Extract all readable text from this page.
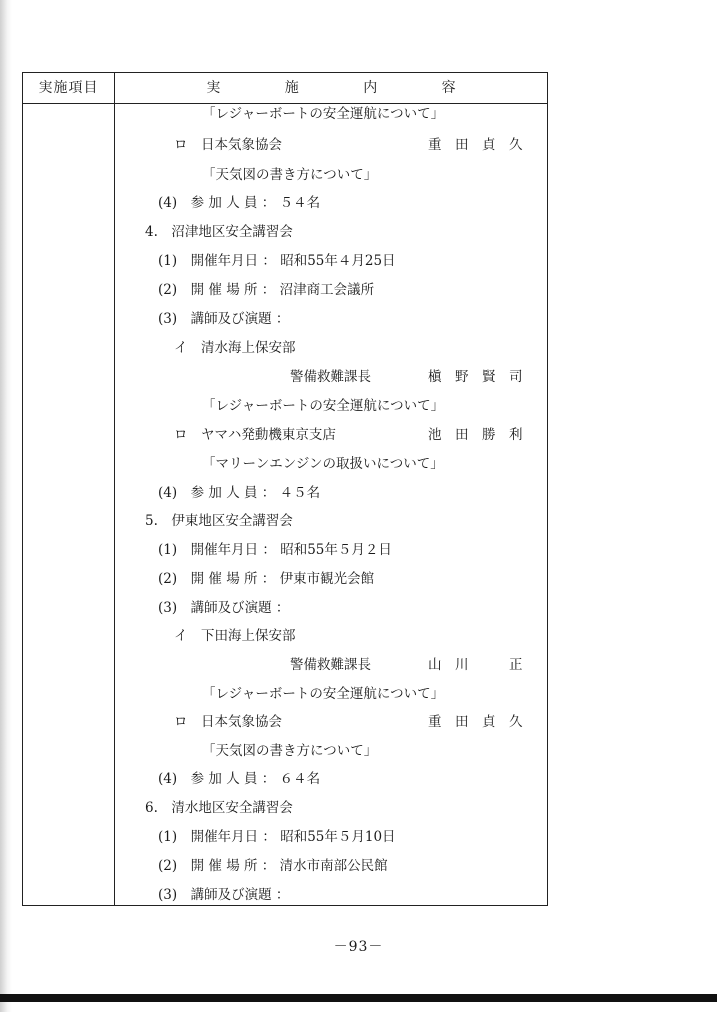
実施項目	実 施 内 容
「レジャーボートの安全運航について」
ロ　日本気象協会	重　田　貞　久
「天気図の書き方について」
(4)　参 加 人 員 ： ５４名
4.　沼津地区安全講習会
(1)　開催年月日 ： 昭和55年４月25日
(2)　開 催 場 所 ： 沼津商工会議所
(3)　講師及び演題 ：
イ　清水海上保安部
警備救難課長	槇　野　賢　司
「レジャーボートの安全運航について」
ロ　ヤマハ発動機東京支店	池　田　勝　利
「マリーンエンジンの取扱いについて」
(4)　参 加 人 員 ： ４５名
5.　伊東地区安全講習会
(1)　開催年月日 ： 昭和55年５月２日
(2)　開 催 場 所 ： 伊東市観光会館
(3)　講師及び演題 ：
イ　下田海上保安部
警備救難課長	山　川　　　正
「レジャーボートの安全運航について」
ロ　日本気象協会	重　田　貞　久
「天気図の書き方について」
(4)　参 加 人 員 ： ６４名
6.　清水地区安全講習会
(1)　開催年月日 ： 昭和55年５月10日
(2)　開 催 場 所 ： 清水市南部公民館
(3)　講師及び演題 ：
－93－
